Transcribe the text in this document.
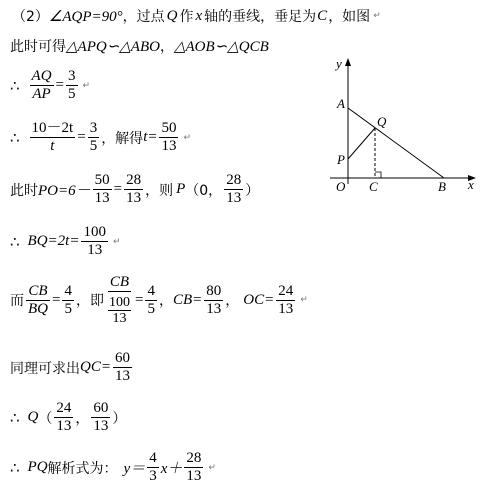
（2） ∠AQP=90° ，过点 Q 作 x 轴的垂线，垂足为 C ，如图 ↵
此时可得 △APQ∽△ABO ， △AOB∽△QCB
∴ $\frac{AQ}{AP} = \frac{3}{5}$ ↵
∴ $\frac{10-2t}{t} = \frac{3}{5}$ ，解得 $t= \frac{50}{13}$ ↵
此时 $PO=6- \frac{50}{13} = \frac{28}{13}$ ，则 P （0， $\frac{28}{13}$ ）
∴ $BQ=2t= \frac{100}{13}$ ↵
而 $\frac{CB}{BQ} = \frac{4}{5}$ ，即 $\frac{CB}{\frac{100}{13}} = \frac{4}{5}$ ， $CB= \frac{80}{13}$ ， $OC= \frac{24}{13}$ ↵
同理可求出 $QC= \frac{60}{13}$
∴ Q （ $\frac{24}{13}$ ， $\frac{60}{13}$ ）
∴ PQ 解析式为： $y= \frac{4}{3} x+ \frac{28}{13}$ ↵
y
x
A
Q
P
O C	B
